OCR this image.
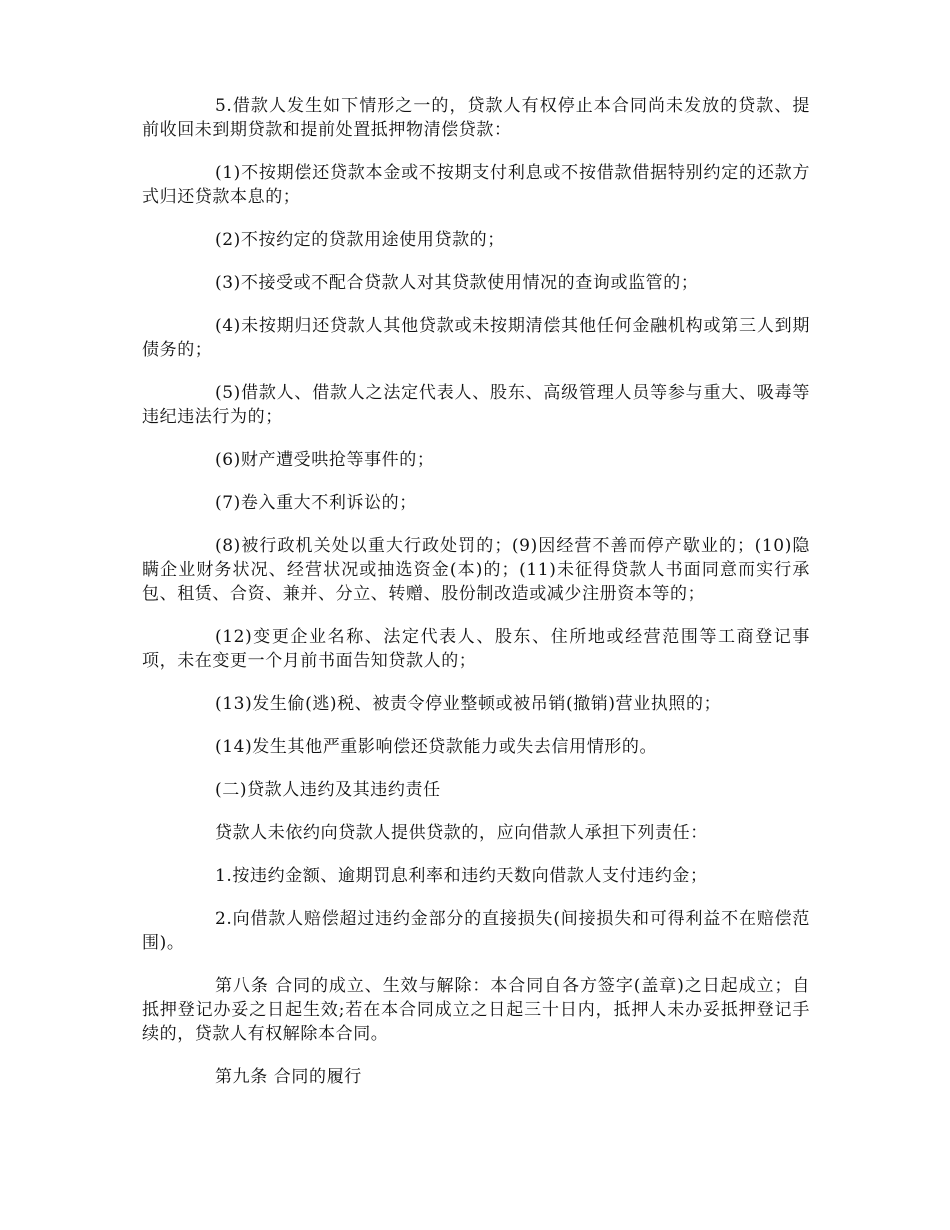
5.借款人发生如下情形之一的，贷款人有权停止本合同尚未发放的贷款、提前收回未到期贷款和提前处置抵押物清偿贷款：

(1)不按期偿还贷款本金或不按期支付利息或不按借款借据特别约定的还款方式归还贷款本息的；

(2)不按约定的贷款用途使用贷款的；

(3)不接受或不配合贷款人对其贷款使用情况的查询或监管的；

(4)未按期归还贷款人其他贷款或未按期清偿其他任何金融机构或第三人到期债务的；

(5)借款人、借款人之法定代表人、股东、高级管理人员等参与重大、吸毒等违纪违法行为的；

(6)财产遭受哄抢等事件的；

(7)卷入重大不利诉讼的；

(8)被行政机关处以重大行政处罚的；(9)因经营不善而停产歇业的；(10)隐瞒企业财务状况、经营状况或抽选资金(本)的；(11)未征得贷款人书面同意而实行承包、租赁、合资、兼并、分立、转赠、股份制改造或减少注册资本等的；

(12)变更企业名称、法定代表人、股东、住所地或经营范围等工商登记事项，未在变更一个月前书面告知贷款人的；

(13)发生偷(逃)税、被责令停业整顿或被吊销(撤销)营业执照的；

(14)发生其他严重影响偿还贷款能力或失去信用情形的。

(二)贷款人违约及其违约责任

贷款人未依约向贷款人提供贷款的，应向借款人承担下列责任：

1.按违约金额、逾期罚息利率和违约天数向借款人支付违约金；

2.向借款人赔偿超过违约金部分的直接损失(间接损失和可得利益不在赔偿范围)。

第八条 合同的成立、生效与解除：本合同自各方签字(盖章)之日起成立；自抵押登记办妥之日起生效;若在本合同成立之日起三十日内，抵押人未办妥抵押登记手续的，贷款人有权解除本合同。

第九条 合同的履行
